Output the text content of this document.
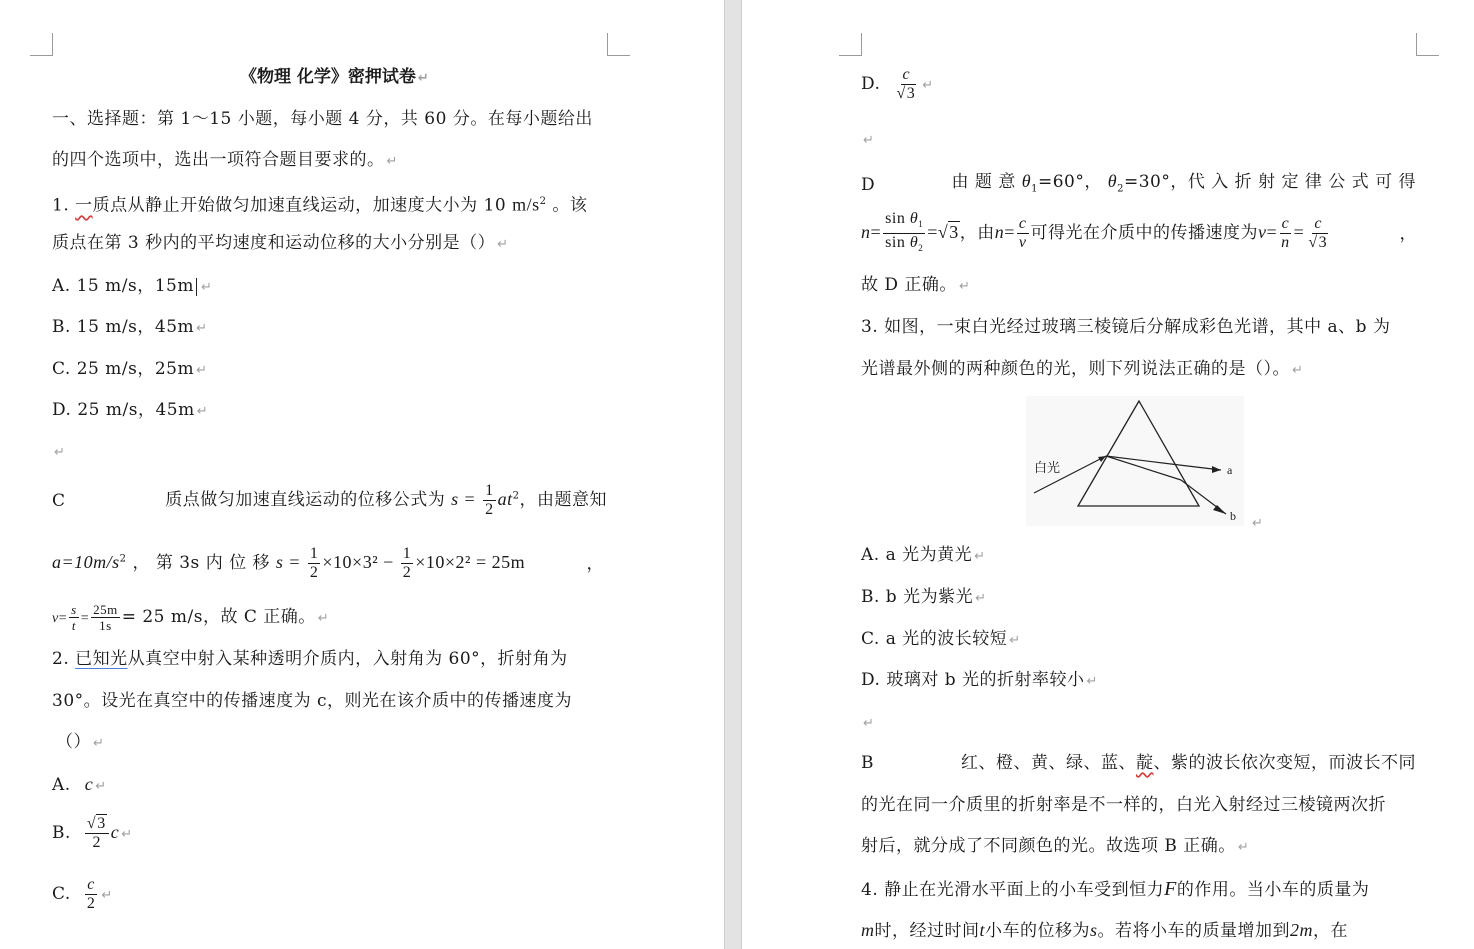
《物理 化学》密押试卷 ↵
一、选择题：第 1～15 小题，每小题 4 分，共 60 分。在每小题给出
的四个选项中，选出一项符合题目要求的。 ↵
1. 一质点从静止开始做匀加速直线运动，加速度大小为 10 $m/s^2$ 。该
质点在第 3 秒内的平均速度和运动位移的大小分别是（） ↵
A. 15 m/s，15m ↵
B. 15 m/s，45m ↵
C. 25 m/s，25m ↵
D. 25 m/s，45m ↵
↵
C	质点做匀加速直线运动的位移公式为 $s = \frac{1}{2} at^2$，由题意知
$a=10m/s^2$ ， 第 3s 内 位 移 $s = \frac{1}{2} \times 10\times 3^2 - \frac{1}{2} \times 10\times 2^2 = 25m$	，
$v= \frac{s}{t} = \frac{25m}{1s} = 25$ m/s，故 C 正确。 ↵
2. 已知光从真空中射入某种透明介质内，入射角为 60°，折射角为
30°。设光在真空中的传播速度为 c，则光在该介质中的传播速度为
（） ↵
A. c ↵
B. $\frac{√3}{2}$ c ↵
C. $\frac{c}{2}$
↵
D. $\frac{c}{√3}$
↵
↵
D	由 题 意 $\theta_1=60^\circ$， $\theta_2=30^\circ$，代 入 折 射 定 律 公 式 可 得
$n= \frac{\sin \theta_1}{\sin \theta_2} =√3$，由$n= \frac{c}{v}$ 可得光在介质中的传播速度为$v= \frac{c}{n} = \frac{c}{√3}$	，
故 D 正确。 ↵
3. 如图，一束白光经过玻璃三棱镜后分解成彩色光谱，其中 a、b 为
光谱最外侧的两种颜色的光，则下列说法正确的是（）。 ↵
白光	a
b
↵
A. a 光为黄光 ↵
B. b 光为紫光 ↵
C. a 光的波长较短 ↵
D. 玻璃对 b 光的折射率较小 ↵
↵
B	红、橙、黄、绿、蓝、靛、紫的波长依次变短，而波长不同
的光在同一介质里的折射率是不一样的，白光入射经过三棱镜两次折
射后，就分成了不同颜色的光。故选项 B 正确。 ↵
4. 静止在光滑水平面上的小车受到恒力F的作用。当小车的质量为
m时，经过时间t小车的位移为s。若将小车的质量增加到2m，在
